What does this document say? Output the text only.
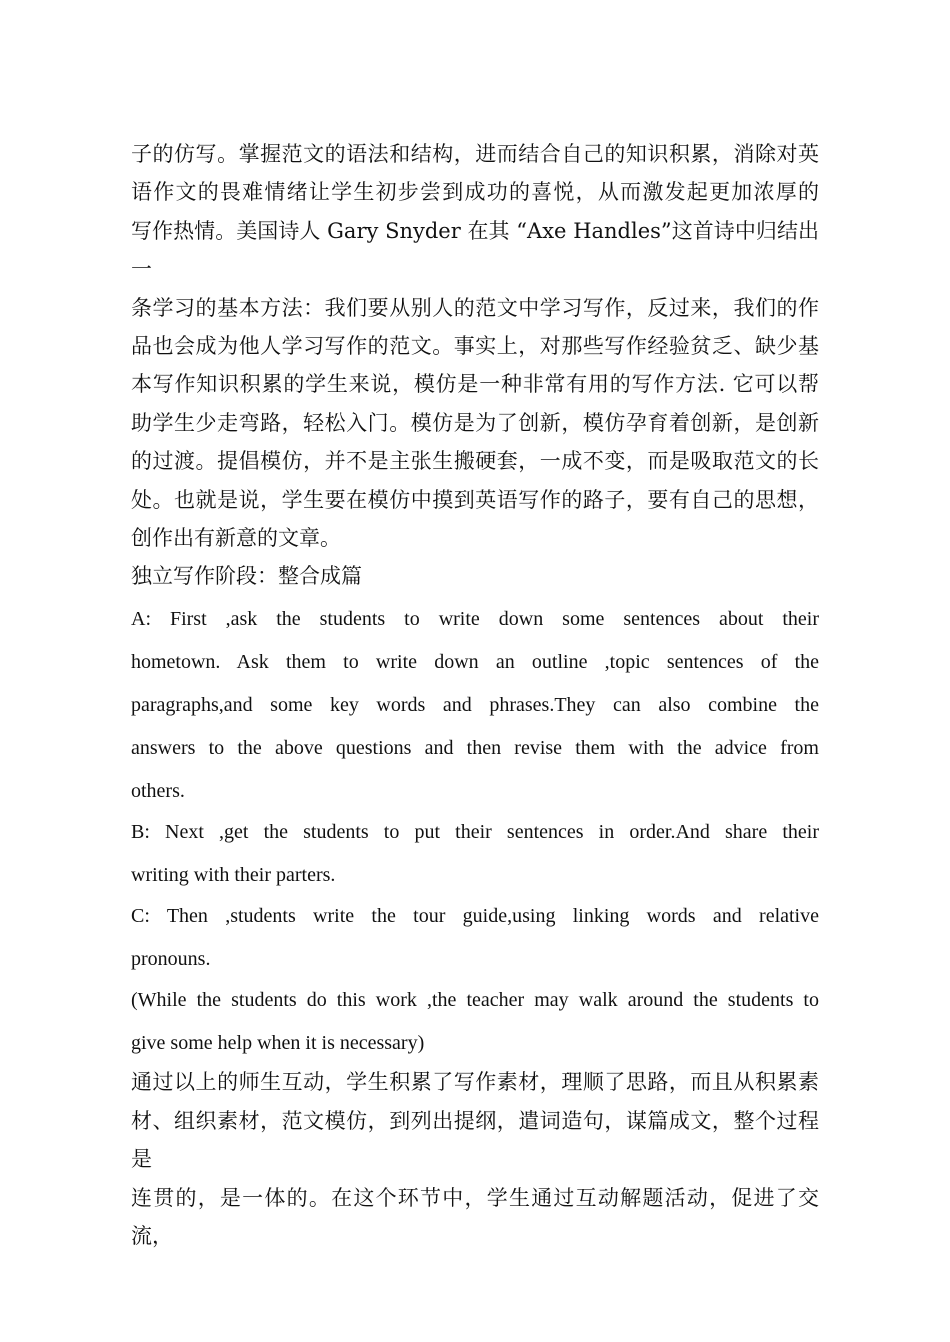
子的仿写。掌握范文的语法和结构，进而结合自己的知识积累，消除对英
语作文的畏难情绪让学生初步尝到成功的喜悦，从而激发起更加浓厚的
写作热情。美国诗人 Gary Snyder 在其 “Axe Handles”这首诗中归结出一
条学习的基本方法：我们要从别人的范文中学习写作，反过来，我们的作
品也会成为他人学习写作的范文。事实上，对那些写作经验贫乏、缺少基
本写作知识积累的学生来说，模仿是一种非常有用的写作方法. 它可以帮
助学生少走弯路，轻松入门。模仿是为了创新，模仿孕育着创新，是创新
的过渡。提倡模仿，并不是主张生搬硬套，一成不变，而是吸取范文的长
处。也就是说，学生要在模仿中摸到英语写作的路子，要有自己的思想，
创作出有新意的文章。

独立写作阶段：整合成篇

A: First ,ask the students to write down some sentences about their
hometown. Ask them to write down an outline ,topic sentences of the
paragraphs,and some key words and phrases.They can also combine the
answers to the above questions and then revise them with the advice from
others.

B: Next ,get the students to put their sentences in order.And share their
writing with their parters.

C: Then ,students write the tour guide,using linking words and relative
pronouns.

(While the students do this work ,the teacher may walk around the students to
give some help when it is necessary)

通过以上的师生互动，学生积累了写作素材，理顺了思路，而且从积累素
材、组织素材，范文模仿，到列出提纲，遣词造句，谋篇成文，整个过程是
连贯的，是一体的。在这个环节中，学生通过互动解题活动，促进了交流，
